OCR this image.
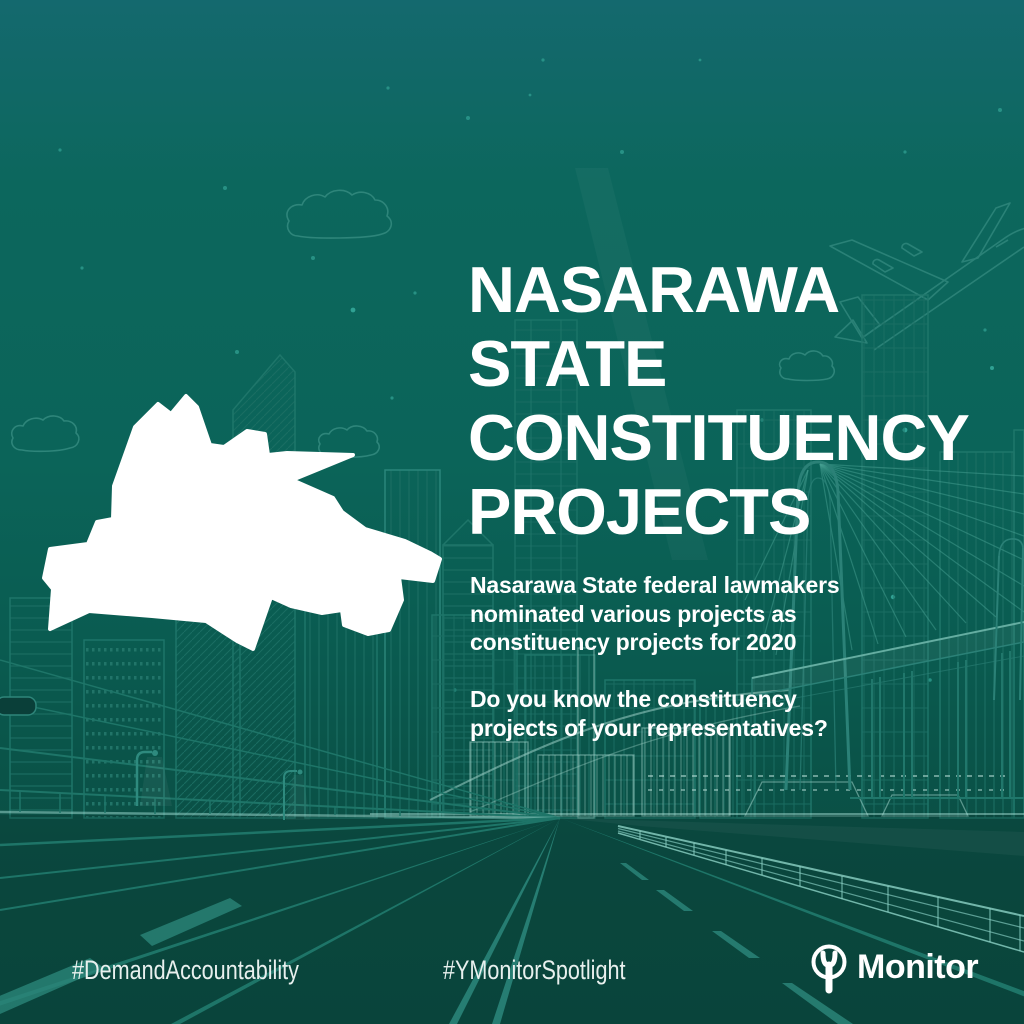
NASARAWA
STATE
CONSTITUENCY
PROJECTS
Nasarawa State federal lawmakers
nominated various projects as
constituency projects for 2020
Do you know the constituency
projects of your representatives?
#DemandAccountability	#YMonitorSpotlight	Monitor
